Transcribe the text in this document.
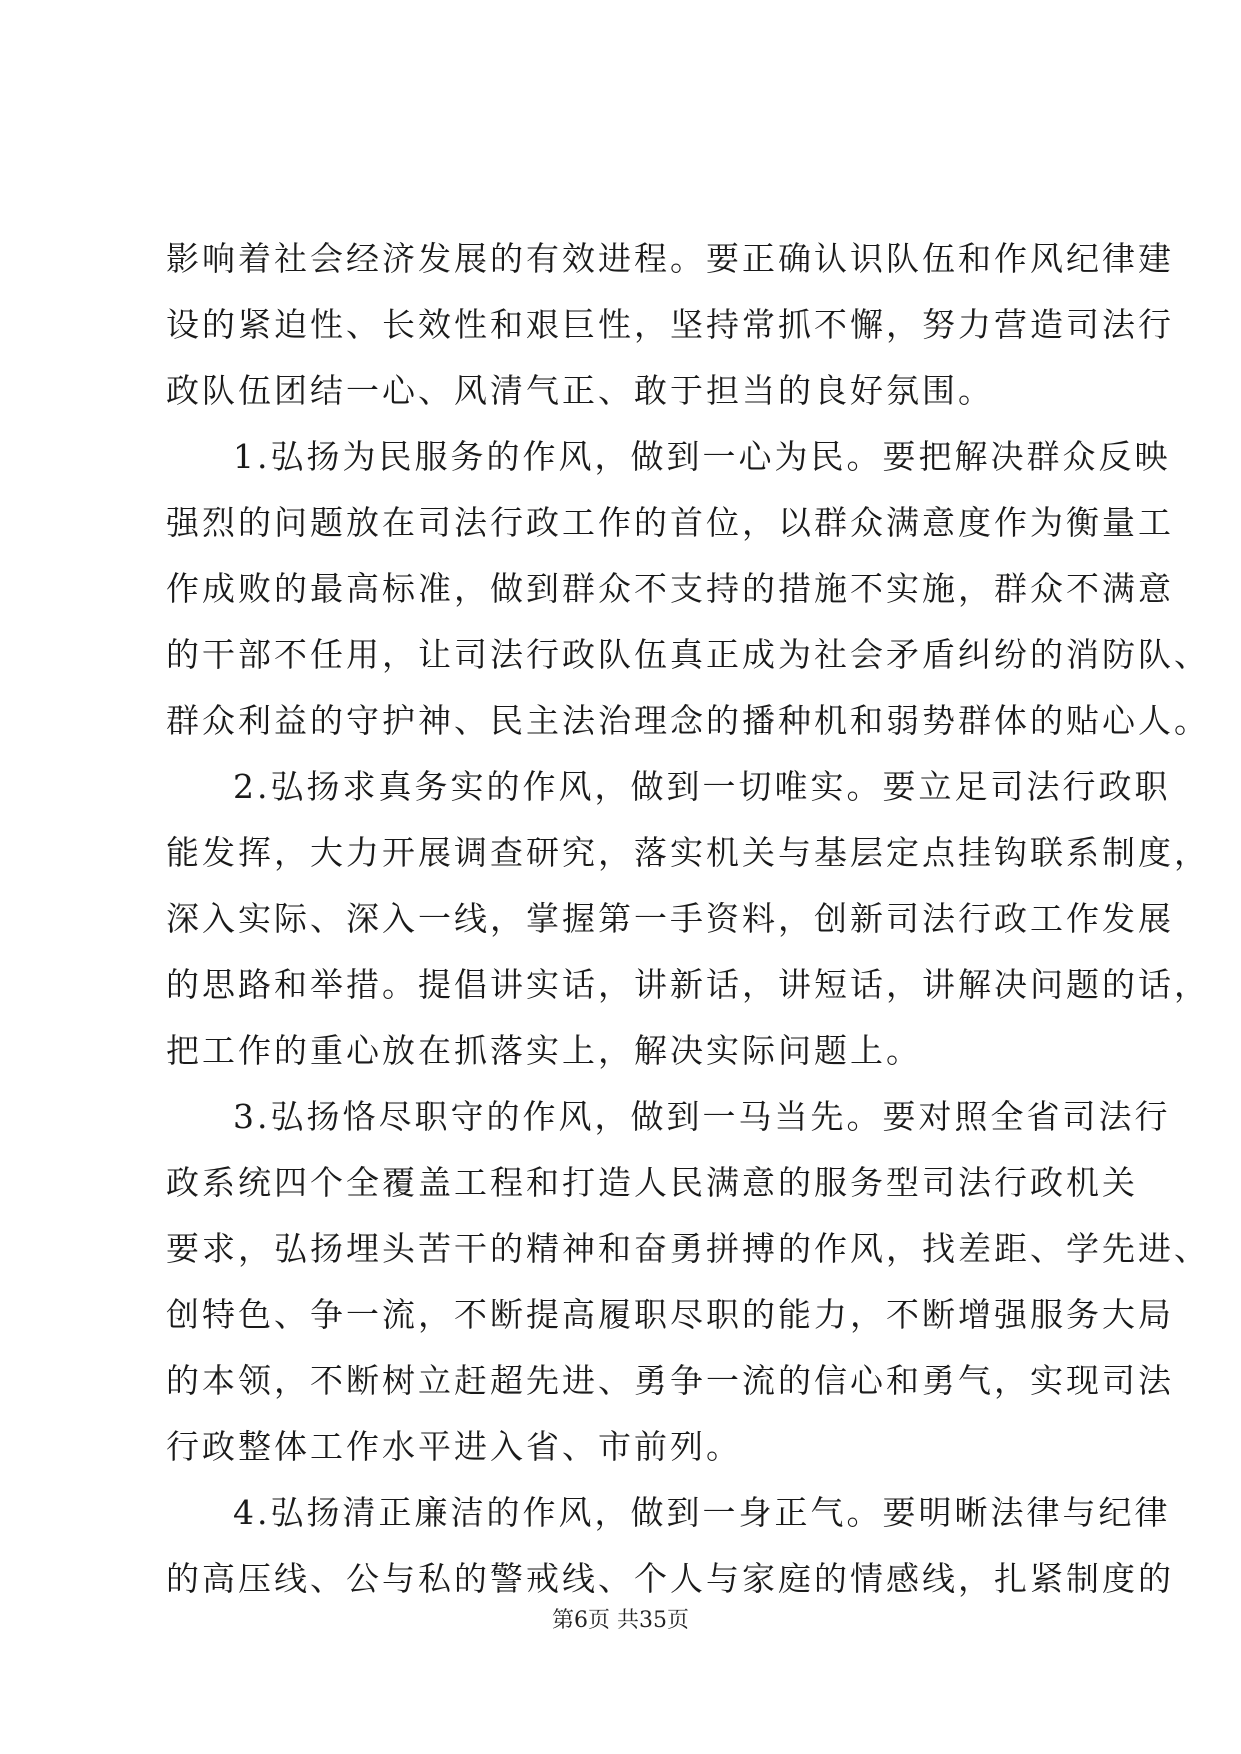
影响着社会经济发展的有效进程。要正确认识队伍和作风纪律建
设的紧迫性、长效性和艰巨性，坚持常抓不懈，努力营造司法行
政队伍团结一心、风清气正、敢于担当的良好氛围。
1.弘扬为民服务的作风，做到一心为民。要把解决群众反映
强烈的问题放在司法行政工作的首位，以群众满意度作为衡量工
作成败的最高标准，做到群众不支持的措施不实施，群众不满意
的干部不任用，让司法行政队伍真正成为社会矛盾纠纷的消防队、
群众利益的守护神、民主法治理念的播种机和弱势群体的贴心人。
2.弘扬求真务实的作风，做到一切唯实。要立足司法行政职
能发挥，大力开展调查研究，落实机关与基层定点挂钩联系制度，
深入实际、深入一线，掌握第一手资料，创新司法行政工作发展
的思路和举措。提倡讲实话，讲新话，讲短话，讲解决问题的话，
把工作的重心放在抓落实上，解决实际问题上。
3.弘扬恪尽职守的作风，做到一马当先。要对照全省司法行
政系统四个全覆盖工程和打造人民满意的服务型司法行政机关
要求，弘扬埋头苦干的精神和奋勇拼搏的作风，找差距、学先进、
创特色、争一流，不断提高履职尽职的能力，不断增强服务大局
的本领，不断树立赶超先进、勇争一流的信心和勇气，实现司法
行政整体工作水平进入省、市前列。
4.弘扬清正廉洁的作风，做到一身正气。要明晰法律与纪律
的高压线、公与私的警戒线、个人与家庭的情感线，扎紧制度的
第6页 共35页
